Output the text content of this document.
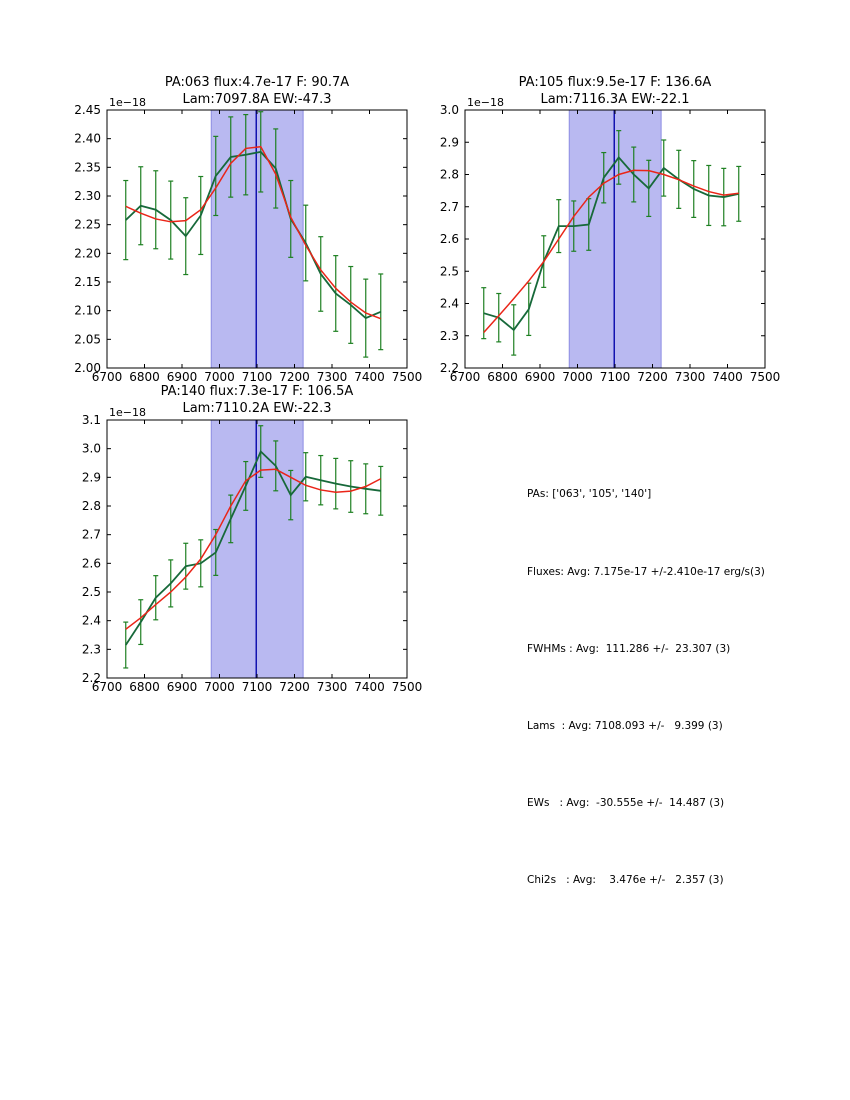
6700 6800 6900 7000 7100 7200 7300 7400 7500
2.00
2.05
2.10
2.15
2.20
2.25
2.30
2.35
2.40
2.45
6700 6800 6900 7000 7100 7200 7300 7400 7500
2.2
2.3
2.4
2.5
2.6
2.7
2.8
2.9
3.0
6700 6800 6900 7000 7100 7200 7300 7400 7500
2.2
2.3
2.4
2.5
2.6
2.7
2.8
2.9
3.0
3.1
PA:063 flux:4.7e-17 F: 90.7A
Lam:7097.8A EW:-47.3
1e−18
PA:105 flux:9.5e-17 F: 136.6A
Lam:7116.3A EW:-22.1
1e−18
PA:140 flux:7.3e-17 F: 106.5A
Lam:7110.2A EW:-22.3
1e−18

PAs: ['063', '105', '140']

Fluxes: Avg: 7.175e-17 +/-2.410e-17 erg/s(3)

FWHMs : Avg:  111.286 +/-  23.307 (3)

Lams  : Avg: 7108.093 +/-   9.399 (3)

EWs   : Avg:  -30.555e +/-  14.487 (3)

Chi2s   : Avg:    3.476e +/-   2.357 (3)
